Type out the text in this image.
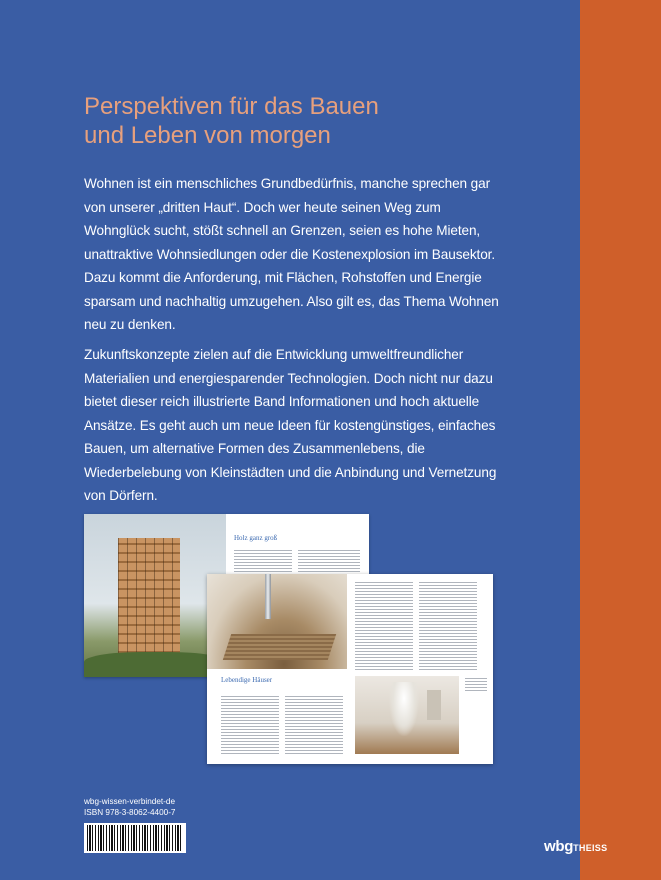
Perspektiven für das Bauen
und Leben von morgen

Wohnen ist ein menschliches Grundbedürfnis, manche sprechen gar von unserer „dritten Haut“. Doch wer heute seinen Weg zum Wohnglück sucht, stößt schnell an Grenzen, seien es hohe Mieten, unattraktive Wohnsiedlungen oder die Kostenexplosion im Bausektor. Dazu kommt die Anforderung, mit Flächen, Rohstoffen und Energie sparsam und nachhaltig umzugehen. Also gilt es, das Thema Wohnen neu zu denken.

Zukunftskonzepte zielen auf die Entwicklung umweltfreundlicher Materialien und energiesparender Technologien. Doch nicht nur dazu bietet dieser reich illustrierte Band Informationen und hoch aktuelle Ansätze. Es geht auch um neue Ideen für kostengünstiges, einfaches Bauen, um alternative Formen des Zusammenlebens, die Wiederbelebung von Kleinstädten und die Anbindung und Vernetzung von Dörfern.

Holz ganz groß
Lebendige Häuser
wbg-wissen-verbindet-de
ISBN 978-3-8062-4400-7
wbgTHEISS
